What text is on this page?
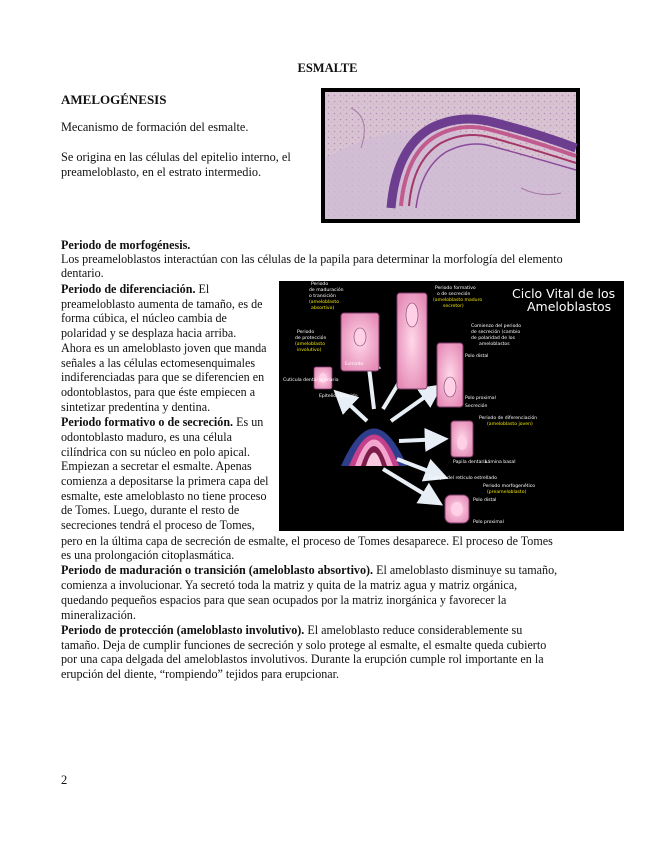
ESMALTE
AMELOGÉNESIS
Mecanismo de formación del esmalte.
Se origina en las células del epitelio interno, el
preameloblasto, en el estrato intermedio.
Periodo de morfogénesis.
Los preameloblastos interactúan con las células de la papila para determinar la morfología del elemento
dentario.
Periodo de diferenciación. El
preameloblasto aumenta de tamaño, es de
forma cúbica, el núcleo cambia de
polaridad y se desplaza hacia arriba.
Ahora es un ameloblasto joven que manda
señales a las células ectomesenquimales
indiferenciadas para que se diferencien en
odontoblastos, para que éste empiecen a
sintetizar predentina y dentina.
Periodo formativo o de secreción. Es un
odontoblasto maduro, es una célula
cilíndrica con su núcleo en polo apical.
Empiezan a secretar el esmalte. Apenas
comienza a depositarse la primera capa del
esmalte, este ameloblasto no tiene proceso
de Tomes. Luego, durante el resto de
secreciones tendrá el proceso de Tomes,
pero en la última capa de secreción de esmalte, el proceso de Tomes desaparece. El proceso de Tomes
es una prolongación citoplasmática.
Periodo de maduración o transición (ameloblasto absortivo). El ameloblasto disminuye su tamaño,
comienza a involucionar. Ya secretó toda la matriz y quita de la matriz agua y matriz orgánica,
quedando pequeños espacios para que sean ocupados por la matriz inorgánica y favorecer la
mineralización.
Periodo de protección (ameloblasto involutivo). El ameloblasto reduce considerablemente su
tamaño. Deja de cumplir funciones de secreción y solo protege al esmalte, el esmalte queda cubierto
por una capa delgada del ameloblastos involutivos. Durante la erupción cumple rol importante en la
erupción del diente, “rompiendo” tejidos para erupcionar.
2
Ciclo Vital de los
Ameloblastos
Periodo
de maduración
o transición
(ameloblasto
absortivo)
Periodo formativo
o de secreción
(ameloblasto maduro
secretor)
Periodo
de protección
(ameloblasto
involutivo)
Comienzo del periodo
de secreción (cambio
de polaridad de los
ameloblastos
Periodo de diferenciación
(ameloblasto joven)
Periodo morfogenético
(preameloblasto)
Cutícula dental primaria
Epitelio reducido
Esmalte
Polo distal
Polo proximal
Secreción
Papila dentaria
Lámina basal
Cuerpo del retículo estrellado
Polo distal
Polo proximal
